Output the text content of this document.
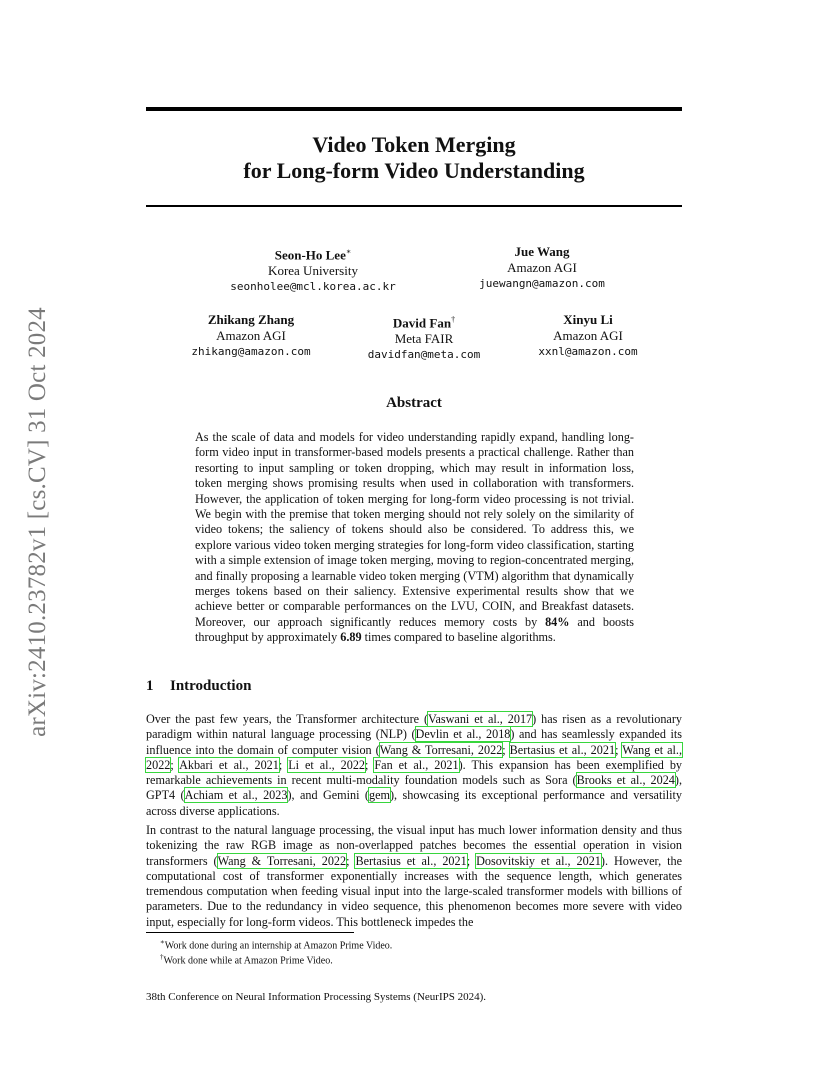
arXiv:2410.23782v1 [cs.CV] 31 Oct 2024
Video Token Merging
for Long-form Video Understanding
Seon-Ho Lee∗
Korea University
seonholee@mcl.korea.ac.kr
Jue Wang
Amazon AGI
juewangn@amazon.com
Zhikang Zhang
Amazon AGI
zhikang@amazon.com
David Fan†
Meta FAIR
davidfan@meta.com
Xinyu Li
Amazon AGI
xxnl@amazon.com
Abstract
As the scale of data and models for video understanding rapidly expand, handling long-form video input in transformer-based models presents a practical challenge. Rather than resorting to input sampling or token dropping, which may result in information loss, token merging shows promising results when used in collaboration with transformers. However, the application of token merging for long-form video processing is not trivial. We begin with the premise that token merging should not rely solely on the similarity of video tokens; the saliency of tokens should also be considered. To address this, we explore various video token merging strategies for long-form video classification, starting with a simple extension of image token merging, moving to region-concentrated merging, and finally proposing a learnable video token merging (VTM) algorithm that dynamically merges tokens based on their saliency. Extensive experimental results show that we achieve better or comparable performances on the LVU, COIN, and Breakfast datasets. Moreover, our approach significantly reduces memory costs by 84% and boosts throughput by approximately 6.89 times compared to baseline algorithms.
1 Introduction
Over the past few years, the Transformer architecture (Vaswani et al., 2017) has risen as a revolutionary paradigm within natural language processing (NLP) (Devlin et al., 2018) and has seamlessly expanded its influence into the domain of computer vision (Wang & Torresani, 2022; Bertasius et al., 2021; Wang et al., 2022; Akbari et al., 2021; Li et al., 2022; Fan et al., 2021). This expansion has been exemplified by remarkable achievements in recent multi-modality foundation models such as Sora (Brooks et al., 2024), GPT4 (Achiam et al., 2023), and Gemini (gem), showcasing its exceptional performance and versatility across diverse applications.
In contrast to the natural language processing, the visual input has much lower information density and thus tokenizing the raw RGB image as non-overlapped patches becomes the essential operation in vision transformers (Wang & Torresani, 2022; Bertasius et al., 2021; Dosovitskiy et al., 2021). However, the computational cost of transformer exponentially increases with the sequence length, which generates tremendous computation when feeding visual input into the large-scaled transformer models with billions of parameters. Due to the redundancy in video sequence, this phenomenon becomes more severe with video input, especially for long-form videos. This bottleneck impedes the
∗Work done during an internship at Amazon Prime Video.
†Work done while at Amazon Prime Video.
38th Conference on Neural Information Processing Systems (NeurIPS 2024).
